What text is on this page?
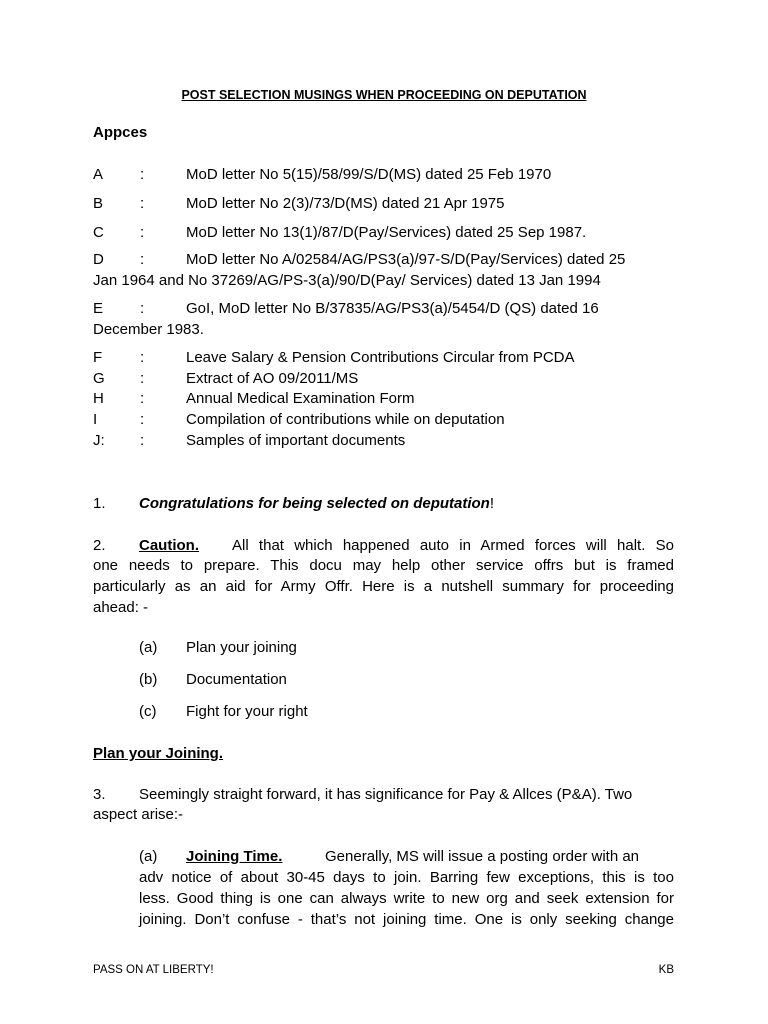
POST SELECTION MUSINGS WHEN PROCEEDING ON DEPUTATION
Appces
A :	MoD letter No 5(15)/58/99/S/D(MS) dated 25 Feb 1970
B :	MoD letter No 2(3)/73/D(MS) dated 21 Apr 1975
C :	MoD letter No 13(1)/87/D(Pay/Services) dated 25 Sep 1987.
D :	MoD letter No A/02584/AG/PS3(a)/97-S/D(Pay/Services) dated 25
Jan 1964 and No 37269/AG/PS-3(a)/90/D(Pay/ Services) dated 13 Jan 1994
E :	GoI, MoD letter No B/37835/AG/PS3(a)/5454/D (QS) dated 16
December 1983.
F	:	Leave Salary & Pension Contributions Circular from PCDA
G :	Extract of AO 09/2011/MS
H :	Annual Medical Examination Form
I	:	Compilation of contributions while on deputation
J: :	Samples of important documents
1. Congratulations for being selected on deputation!
2. Caution. All that which happened auto in Armed forces will halt. So
one needs to prepare. This docu may help other service offrs but is framed
particularly as an aid for Army Offr. Here is a nutshell summary for proceeding
ahead: -
(a) Plan your joining
(b) Documentation
(c) Fight for your right
Plan your Joining.
3. Seemingly straight forward, it has significance for Pay & Allces (P&A). Two
aspect arise:-
(a) Joining Time.	Generally, MS will issue a posting order with an
adv notice of about 30-45 days to join. Barring few exceptions, this is too
less. Good thing is one can always write to new org and seek extension for
joining. Don’t confuse - that’s not joining time. One is only seeking change
PASS ON AT LIBERTY!	KB
